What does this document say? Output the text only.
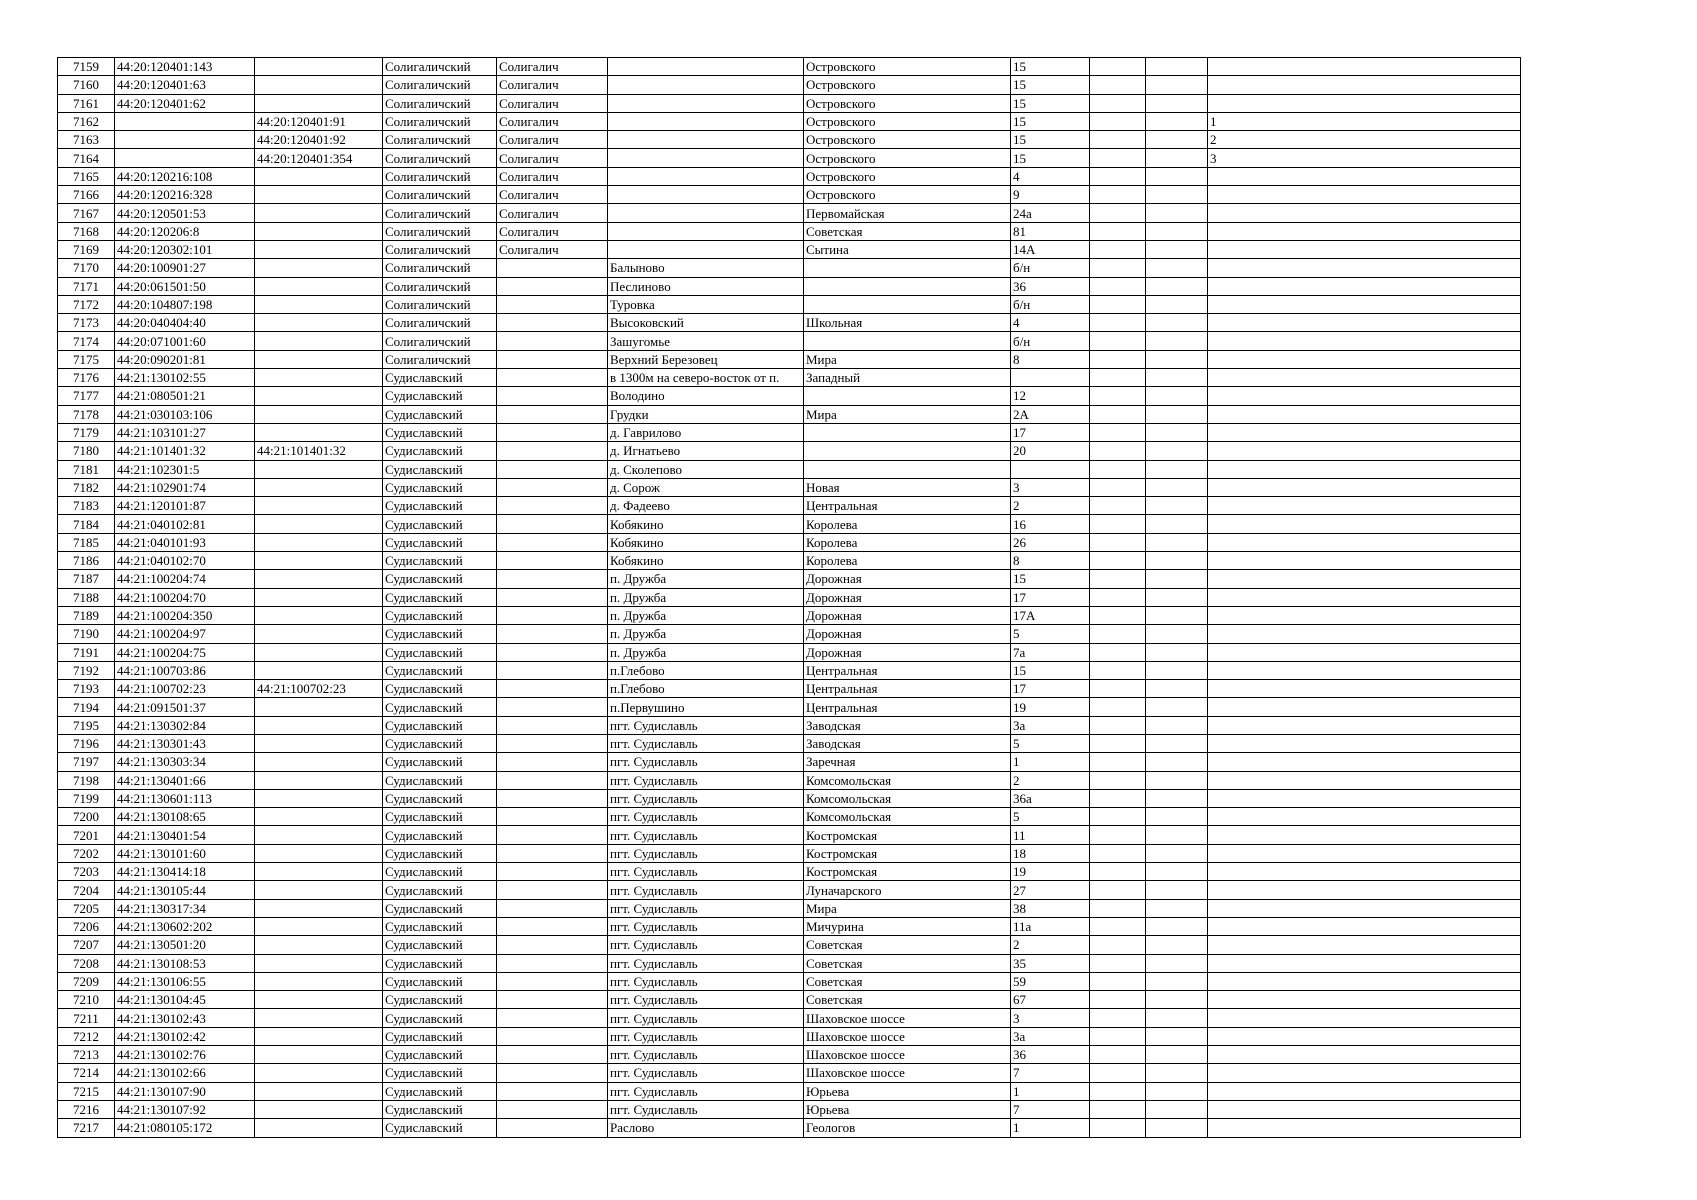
7159	44:20:120401:143		Солигаличский	Солигалич		Островского	15			
7160	44:20:120401:63		Солигаличский	Солигалич		Островского	15			
7161	44:20:120401:62		Солигаличский	Солигалич		Островского	15			
7162		44:20:120401:91	Солигаличский	Солигалич		Островского	15			1
7163		44:20:120401:92	Солигаличский	Солигалич		Островского	15			2
7164		44:20:120401:354	Солигаличский	Солигалич		Островского	15			3
7165	44:20:120216:108		Солигаличский	Солигалич		Островского	4			
7166	44:20:120216:328		Солигаличский	Солигалич		Островского	9			
7167	44:20:120501:53		Солигаличский	Солигалич		Первомайская	24а			
7168	44:20:120206:8		Солигаличский	Солигалич		Советская	81			
7169	44:20:120302:101		Солигаличский	Солигалич		Сытина	14А			
7170	44:20:100901:27		Солигаличский		Балыново		б/н			
7171	44:20:061501:50		Солигаличский		Песлиново		36			
7172	44:20:104807:198		Солигаличский		Туровка		б/н			
7173	44:20:040404:40		Солигаличский		Высоковский	Школьная	4			
7174	44:20:071001:60		Солигаличский		Зашугомье		б/н			
7175	44:20:090201:81		Солигаличский		Верхний Березовец	Мира	8			
7176	44:21:130102:55		Судиславский		в 1300м на северо-восток от п.	Западный				
7177	44:21:080501:21		Судиславский		Володино		12			
7178	44:21:030103:106		Судиславский		Грудки	Мира	2А			
7179	44:21:103101:27		Судиславский		д. Гаврилово		17			
7180	44:21:101401:32	44:21:101401:32	Судиславский		д. Игнатьево		20			
7181	44:21:102301:5		Судиславский		д. Сколепово					
7182	44:21:102901:74		Судиславский		д. Сорож	Новая	3			
7183	44:21:120101:87		Судиславский		д. Фадеево	Центральная	2			
7184	44:21:040102:81		Судиславский		Кобякино	Королева	16			
7185	44:21:040101:93		Судиславский		Кобякино	Королева	26			
7186	44:21:040102:70		Судиславский		Кобякино	Королева	8			
7187	44:21:100204:74		Судиславский		п. Дружба	Дорожная	15			
7188	44:21:100204:70		Судиславский		п. Дружба	Дорожная	17			
7189	44:21:100204:350		Судиславский		п. Дружба	Дорожная	17А			
7190	44:21:100204:97		Судиславский		п. Дружба	Дорожная	5			
7191	44:21:100204:75		Судиславский		п. Дружба	Дорожная	7а			
7192	44:21:100703:86		Судиславский		п.Глебово	Центральная	15			
7193	44:21:100702:23	44:21:100702:23	Судиславский		п.Глебово	Центральная	17			
7194	44:21:091501:37		Судиславский		п.Первушино	Центральная	19			
7195	44:21:130302:84		Судиславский		пгт. Судиславль	Заводская	3а			
7196	44:21:130301:43		Судиславский		пгт. Судиславль	Заводская	5			
7197	44:21:130303:34		Судиславский		пгт. Судиславль	Заречная	1			
7198	44:21:130401:66		Судиславский		пгт. Судиславль	Комсомольская	2			
7199	44:21:130601:113		Судиславский		пгт. Судиславль	Комсомольская	36а			
7200	44:21:130108:65		Судиславский		пгт. Судиславль	Комсомольская	5			
7201	44:21:130401:54		Судиславский		пгт. Судиславль	Костромская	11			
7202	44:21:130101:60		Судиславский		пгт. Судиславль	Костромская	18			
7203	44:21:130414:18		Судиславский		пгт. Судиславль	Костромская	19			
7204	44:21:130105:44		Судиславский		пгт. Судиславль	Луначарского	27			
7205	44:21:130317:34		Судиславский		пгт. Судиславль	Мира	38			
7206	44:21:130602:202		Судиславский		пгт. Судиславль	Мичурина	11а			
7207	44:21:130501:20		Судиславский		пгт. Судиславль	Советская	2			
7208	44:21:130108:53		Судиславский		пгт. Судиславль	Советская	35			
7209	44:21:130106:55		Судиславский		пгт. Судиславль	Советская	59			
7210	44:21:130104:45		Судиславский		пгт. Судиславль	Советская	67			
7211	44:21:130102:43		Судиславский		пгт. Судиславль	Шаховское шоссе	3			
7212	44:21:130102:42		Судиславский		пгт. Судиславль	Шаховское шоссе	3а			
7213	44:21:130102:76		Судиславский		пгт. Судиславль	Шаховское шоссе	36			
7214	44:21:130102:66		Судиславский		пгт. Судиславль	Шаховское шоссе	7			
7215	44:21:130107:90		Судиславский		пгт. Судиславль	Юрьева	1			
7216	44:21:130107:92		Судиславский		пгт. Судиславль	Юрьева	7			
7217	44:21:080105:172		Судиславский		Раслово	Геологов	1			
